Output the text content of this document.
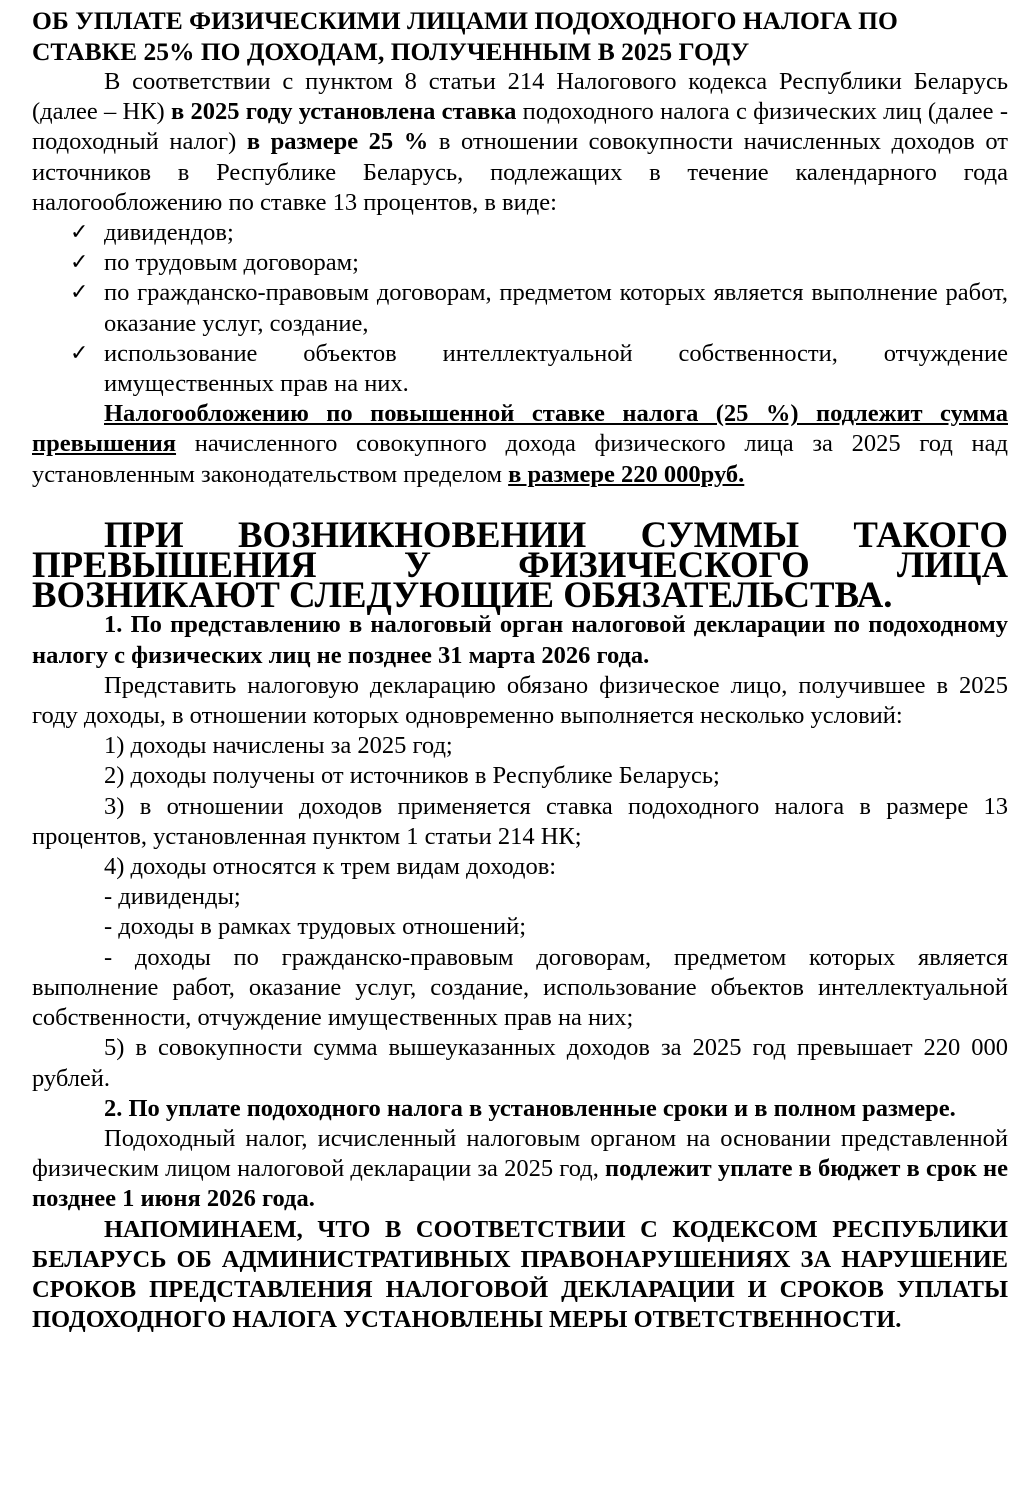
ОБ УПЛАТЕ ФИЗИЧЕСКИМИ ЛИЦАМИ ПОДОХОДНОГО НАЛОГА ПО СТАВКЕ 25% ПО ДОХОДАМ, ПОЛУЧЕННЫМ В 2025 ГОДУ

В соответствии с пунктом 8 статьи 214 Налогового кодекса Республики Беларусь (далее – НК) в 2025 году установлена ставка подоходного налога с физических лиц (далее - подоходный налог) в размере 25 % в отношении совокупности начисленных доходов от источников в Республике Беларусь, подлежащих в течение календарного года налогообложению по ставке 13 процентов, в виде:

✓ дивидендов;
✓ по трудовым договорам;
✓ по гражданско-правовым договорам, предметом которых является выполнение работ, оказание услуг, создание,
✓ использование объектов интеллектуальной собственности, отчуждение имущественных прав на них.

Налогообложению по повышенной ставке налога (25 %) подлежит сумма превышения начисленного совокупного дохода физического лица за 2025 год над установленным законодательством пределом в размере 220 000руб.

ПРИ ВОЗНИКНОВЕНИИ СУММЫ ТАКОГО ПРЕВЫШЕНИЯ У ФИЗИЧЕСКОГО ЛИЦА ВОЗНИКАЮТ СЛЕДУЮЩИЕ ОБЯЗАТЕЛЬСТВА.

1. По представлению в налоговый орган налоговой декларации по подоходному налогу с физических лиц не позднее 31 марта 2026 года.

Представить налоговую декларацию обязано физическое лицо, получившее в 2025 году доходы, в отношении которых одновременно выполняется несколько условий:

1) доходы начислены за 2025 год;

2) доходы получены от источников в Республике Беларусь;

3) в отношении доходов применяется ставка подоходного налога в размере 13 процентов, установленная пунктом 1 статьи 214 НК;

4) доходы относятся к трем видам доходов:

- дивиденды;

- доходы в рамках трудовых отношений;

- доходы по гражданско-правовым договорам, предметом которых является выполнение работ, оказание услуг, создание, использование объектов интеллектуальной собственности, отчуждение имущественных прав на них;

5) в совокупности сумма вышеуказанных доходов за 2025 год превышает 220 000 рублей.

2. По уплате подоходного налога в установленные сроки и в полном размере.

Подоходный налог, исчисленный налоговым органом на основании представленной физическим лицом налоговой декларации за 2025 год, подлежит уплате в бюджет в срок не позднее 1 июня 2026 года.

НАПОМИНАЕМ, ЧТО В СООТВЕТСТВИИ С КОДЕКСОМ РЕСПУБЛИКИ БЕЛАРУСЬ ОБ АДМИНИСТРАТИВНЫХ ПРАВОНАРУШЕНИЯХ ЗА НАРУШЕНИЕ СРОКОВ ПРЕДСТАВЛЕНИЯ НАЛОГОВОЙ ДЕКЛАРАЦИИ И СРОКОВ УПЛАТЫ ПОДОХОДНОГО НАЛОГА УСТАНОВЛЕНЫ МЕРЫ ОТВЕТСТВЕННОСТИ.
